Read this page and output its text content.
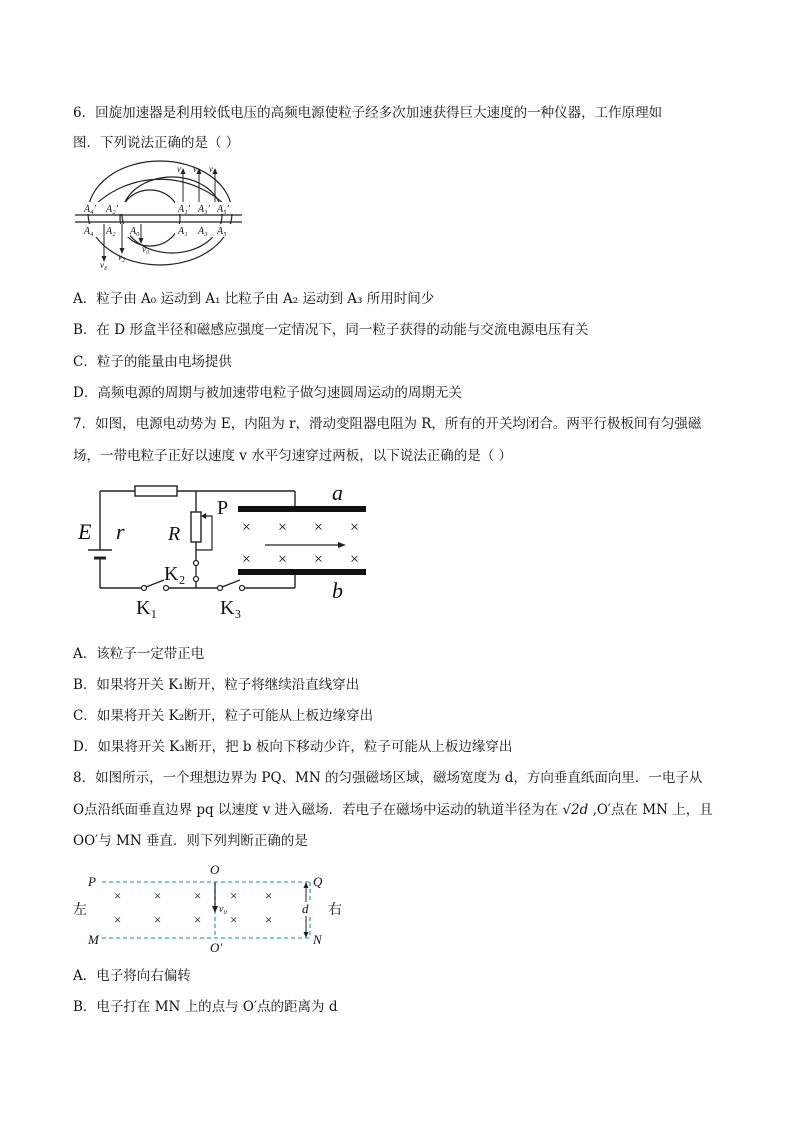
6．回旋加速器是利用较低电压的高频电源使粒子经多次加速获得巨大速度的一种仪器，工作原理如
图．下列说法正确的是（ ）
A₄′ A₂′	A₁′ A₃′ A₅′
A₄ A₂ A₀	A₁ A₃ A₅
v₁ v₃ v₅
v₂
v₄
v₀
A．粒子由 A₀ 运动到 A₁ 比粒子由 A₂ 运动到 A₃ 所用时间少
B．在 D 形盒半径和磁感应强度一定情况下，同一粒子获得的动能与交流电源电压有关
C．粒子的能量由电场提供
D．高频电源的周期与被加速带电粒子做匀速圆周运动的周期无关
7．如图，电源电动势为 E，内阻为 r，滑动变阻器电阻为 R，所有的开关均闭合。两平行极板间有匀强磁
场，一带电粒子正好以速度 v 水平匀速穿过两板，以下说法正确的是（ ）
E r
K₁
P
R
K₂
K₃
a
b
× × × ×
× × × ×
A．该粒子一定带正电
B．如果将开关 K₁断开，粒子将继续沿直线穿出
C．如果将开关 K₂断开，粒子可能从上板边缘穿出
D．如果将开关 K₃断开，把 b 板向下移动少许，粒子可能从上板边缘穿出
8．如图所示，一个理想边界为 PQ、MN 的匀强磁场区域，磁场宽度为 d，方向垂直纸面向里．一电子从
O点沿纸面垂直边界 pq 以速度 v 进入磁场．若电子在磁场中运动的轨道半径为在 √2d ,O′点在 MN 上，且
OO′与 MN 垂直．则下列判断正确的是
P
M
Q
N
O
O′
左	右
×	×	× × ×
×	×	× × ×
v₀	d
A．电子将向右偏转
B．电子打在 MN 上的点与 O′点的距离为 d
